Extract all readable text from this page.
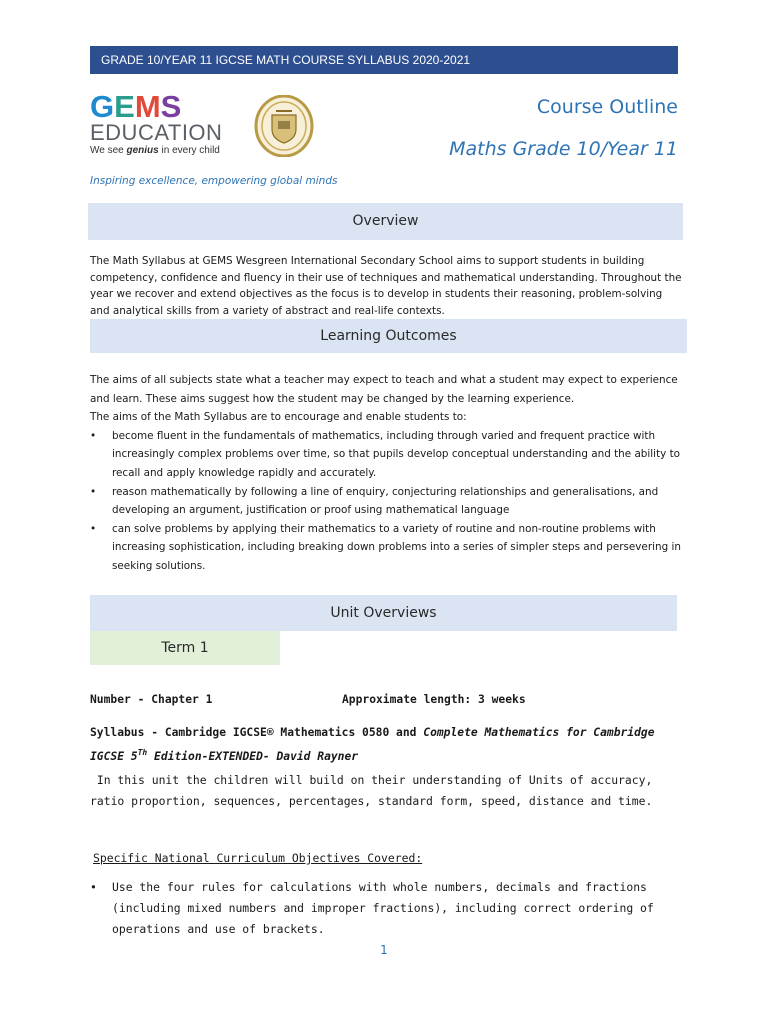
GRADE 10/YEAR 11 IGCSE MATH COURSE SYLLABUS 2020-2021
GEMS
EDUCATION
We see genius in every child
Course Outline
Maths Grade 10/Year 11
Inspiring excellence, empowering global minds
Overview
The Math Syllabus at GEMS Wesgreen International Secondary School aims to support students in building competency, confidence and fluency in their use of techniques and mathematical understanding. Throughout the year we recover and extend objectives as the focus is to develop in students their reasoning, problem-solving and analytical skills from a variety of abstract and real-life contexts.
Learning Outcomes
The aims of all subjects state what a teacher may expect to teach and what a student may expect to experience and learn. These aims suggest how the student may be changed by the learning experience.
The aims of the Math Syllabus are to encourage and enable students to:
• become fluent in the fundamentals of mathematics, including through varied and frequent practice with increasingly complex problems over time, so that pupils develop conceptual understanding and the ability to recall and apply knowledge rapidly and accurately.
• reason mathematically by following a line of enquiry, conjecturing relationships and generalisations, and developing an argument, justification or proof using mathematical language
• can solve problems by applying their mathematics to a variety of routine and non-routine problems with increasing sophistication, including breaking down problems into a series of simpler steps and persevering in seeking solutions.
Unit Overviews
Term 1
Number - Chapter 1	Approximate length: 3 weeks
Syllabus - Cambridge IGCSE® Mathematics 0580 and Complete Mathematics for Cambridge IGCSE 5Th Edition-EXTENDED- David Rayner
In this unit the children will build on their understanding of Units of accuracy, ratio proportion, sequences, percentages, standard form, speed, distance and time.
Specific National Curriculum Objectives Covered:
• Use the four rules for calculations with whole numbers, decimals and fractions (including mixed numbers and improper fractions), including correct ordering of operations and use of brackets.
1
